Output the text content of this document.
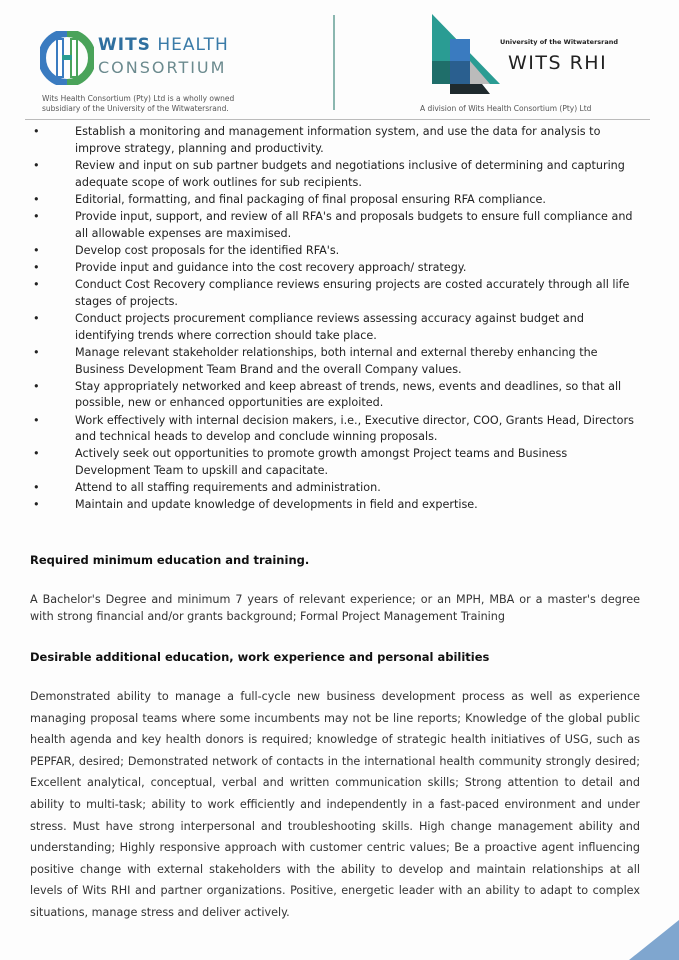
WITS HEALTH
CONSORTIUM
Wits Health Consortium (Pty) Ltd is a wholly owned
subsidiary of the University of the Witwatersrand.
University of the Witwatersrand
WITS RHI
A division of Wits Health Consortium (Pty) Ltd
•	Establish a monitoring and management information system, and use the data for analysis to improve strategy, planning and productivity.
•	Review and input on sub partner budgets and negotiations inclusive of determining and capturing adequate scope of work outlines for sub recipients.
•	Editorial, formatting, and final packaging of final proposal ensuring RFA compliance.
•	Provide input, support, and review of all RFA's and proposals budgets to ensure full compliance and all allowable expenses are maximised.
•	Develop cost proposals for the identified RFA's.
•	Provide input and guidance into the cost recovery approach/ strategy.
•	Conduct Cost Recovery compliance reviews ensuring projects are costed accurately through all life stages of projects.
•	Conduct projects procurement compliance reviews assessing accuracy against budget and identifying trends where correction should take place.
•	Manage relevant stakeholder relationships, both internal and external thereby enhancing the Business Development Team Brand and the overall Company values.
•	Stay appropriately networked and keep abreast of trends, news, events and deadlines, so that all possible, new or enhanced opportunities are exploited.
•	Work effectively with internal decision makers, i.e., Executive director, COO, Grants Head, Directors and technical heads to develop and conclude winning proposals.
•	Actively seek out opportunities to promote growth amongst Project teams and Business Development Team to upskill and capacitate.
•	Attend to all staffing requirements and administration.
•	Maintain and update knowledge of developments in field and expertise.
Required minimum education and training.

A Bachelor's Degree and minimum 7 years of relevant experience; or an MPH, MBA or a master's degree with strong financial and/or grants background; Formal Project Management Training

Desirable additional education, work experience and personal abilities

Demonstrated ability to manage a full-cycle new business development process as well as experience managing proposal teams where some incumbents may not be line reports; Knowledge of the global public health agenda and key health donors is required; knowledge of strategic health initiatives of USG, such as PEPFAR, desired; Demonstrated network of contacts in the international health community strongly desired; Excellent analytical, conceptual, verbal and written communication skills; Strong attention to detail and ability to multi-task; ability to work efficiently and independently in a fast-paced environment and under stress. Must have strong interpersonal and troubleshooting skills. High change management ability and understanding; Highly responsive approach with customer centric values; Be a proactive agent influencing positive change with external stakeholders with the ability to develop and maintain relationships at all levels of Wits RHI and partner organizations. Positive, energetic leader with an ability to adapt to complex situations, manage stress and deliver actively.
